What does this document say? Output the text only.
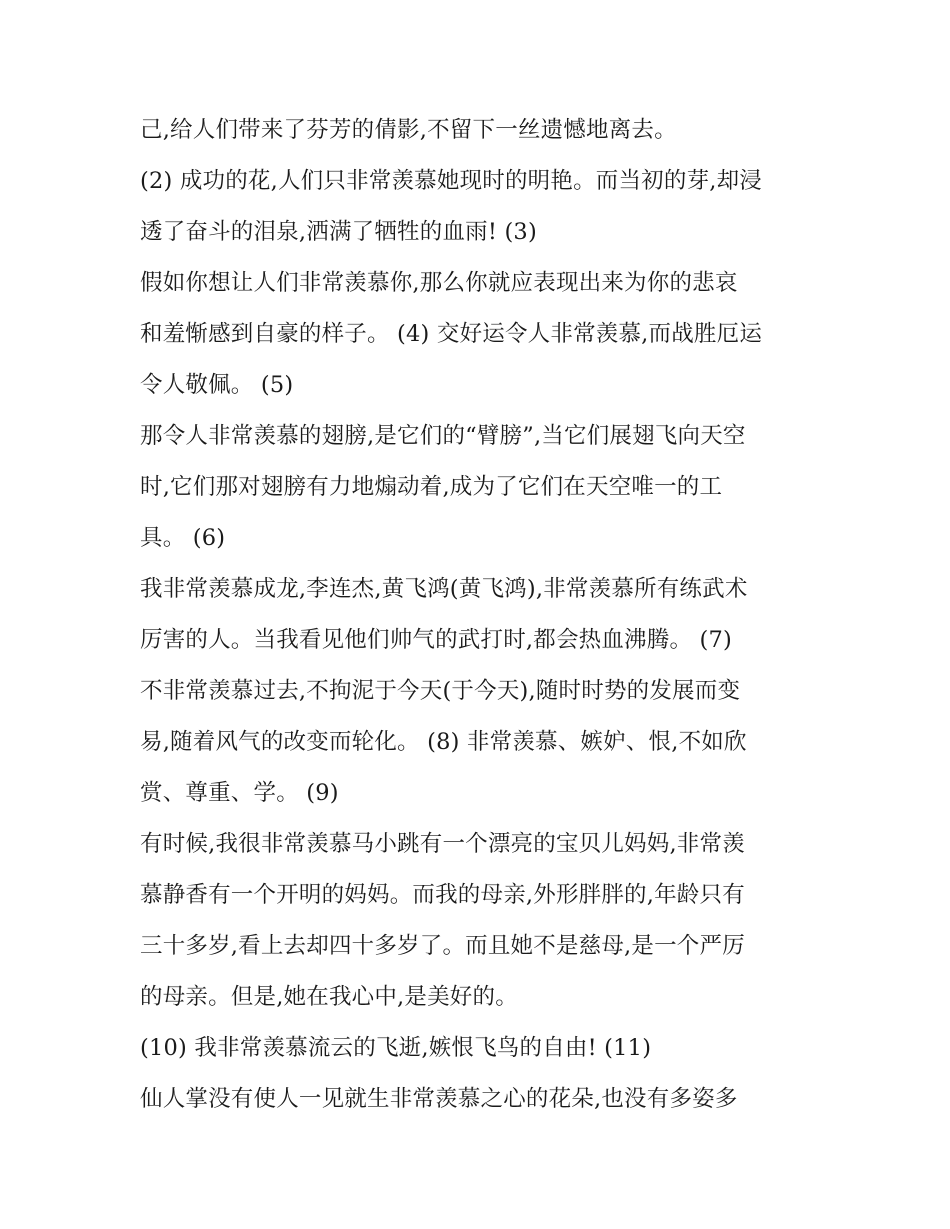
己,给人们带来了芬芳的倩影,不留下一丝遗憾地离去。
(2) 成功的花,人们只非常羡慕她现时的明艳。而当初的芽,却浸
透了奋斗的泪泉,洒满了牺牲的血雨! (3)
假如你想让人们非常羡慕你,那么你就应表现出来为你的悲哀
和羞惭感到自豪的样子。 (4) 交好运令人非常羡慕,而战胜厄运
令人敬佩。 (5)
那令人非常羡慕的翅膀,是它们的“臂膀”,当它们展翅飞向天空
时,它们那对翅膀有力地煽动着,成为了它们在天空唯一的工
具。 (6)
我非常羡慕成龙,李连杰,黄飞鸿(黄飞鸿),非常羡慕所有练武术
厉害的人。当我看见他们帅气的武打时,都会热血沸腾。 (7)
不非常羡慕过去,不拘泥于今天(于今天),随时时势的发展而变
易,随着风气的改变而轮化。 (8) 非常羡慕、嫉妒、恨,不如欣
赏、尊重、学。 (9)
有时候,我很非常羡慕马小跳有一个漂亮的宝贝儿妈妈,非常羡
慕静香有一个开明的妈妈。而我的母亲,外形胖胖的,年龄只有
三十多岁,看上去却四十多岁了。而且她不是慈母,是一个严厉
的母亲。但是,她在我心中,是美好的。
(10) 我非常羡慕流云的飞逝,嫉恨飞鸟的自由! (11)
仙人掌没有使人一见就生非常羡慕之心的花朵,也没有多姿多
